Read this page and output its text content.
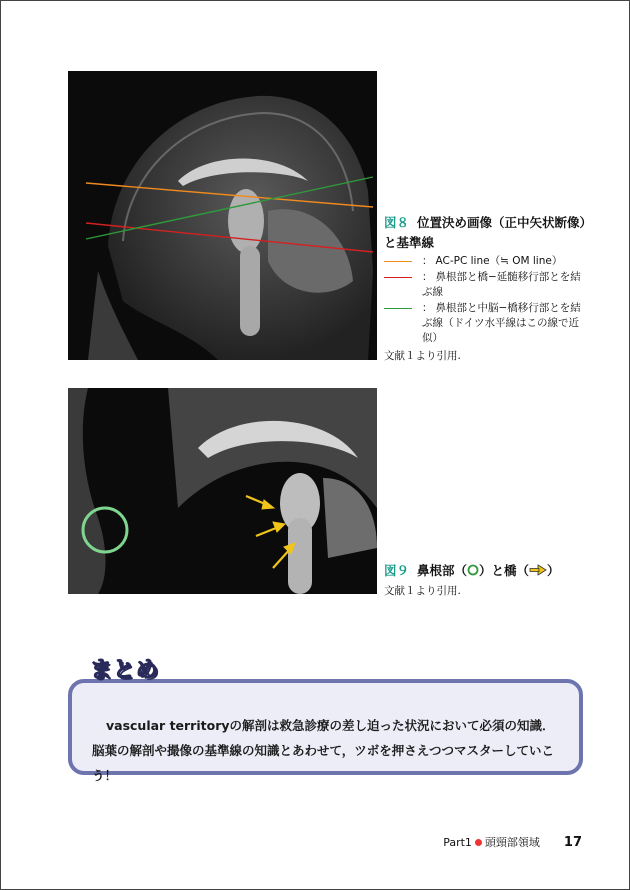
図８ 位置決め画像（正中矢状断像）と基準線
： AC-PC line（≒ OM line）
： 鼻根部と橋−延髄移行部とを結ぶ線
： 鼻根部と中脳−橋移行部とを結ぶ線（ドイツ水平線はこの線で近似）
文献１より引用.
図９ 鼻根部（ ）と橋（ ）
文献１より引用.
vascular territoryの解剖は救急診療の差し迫った状況において必須の知識．脳葉の解剖や撮像の基準線の知識とあわせて，ツボを押さえつつマスターしていこう！
まとめ
Part1 頭頸部領域 17
